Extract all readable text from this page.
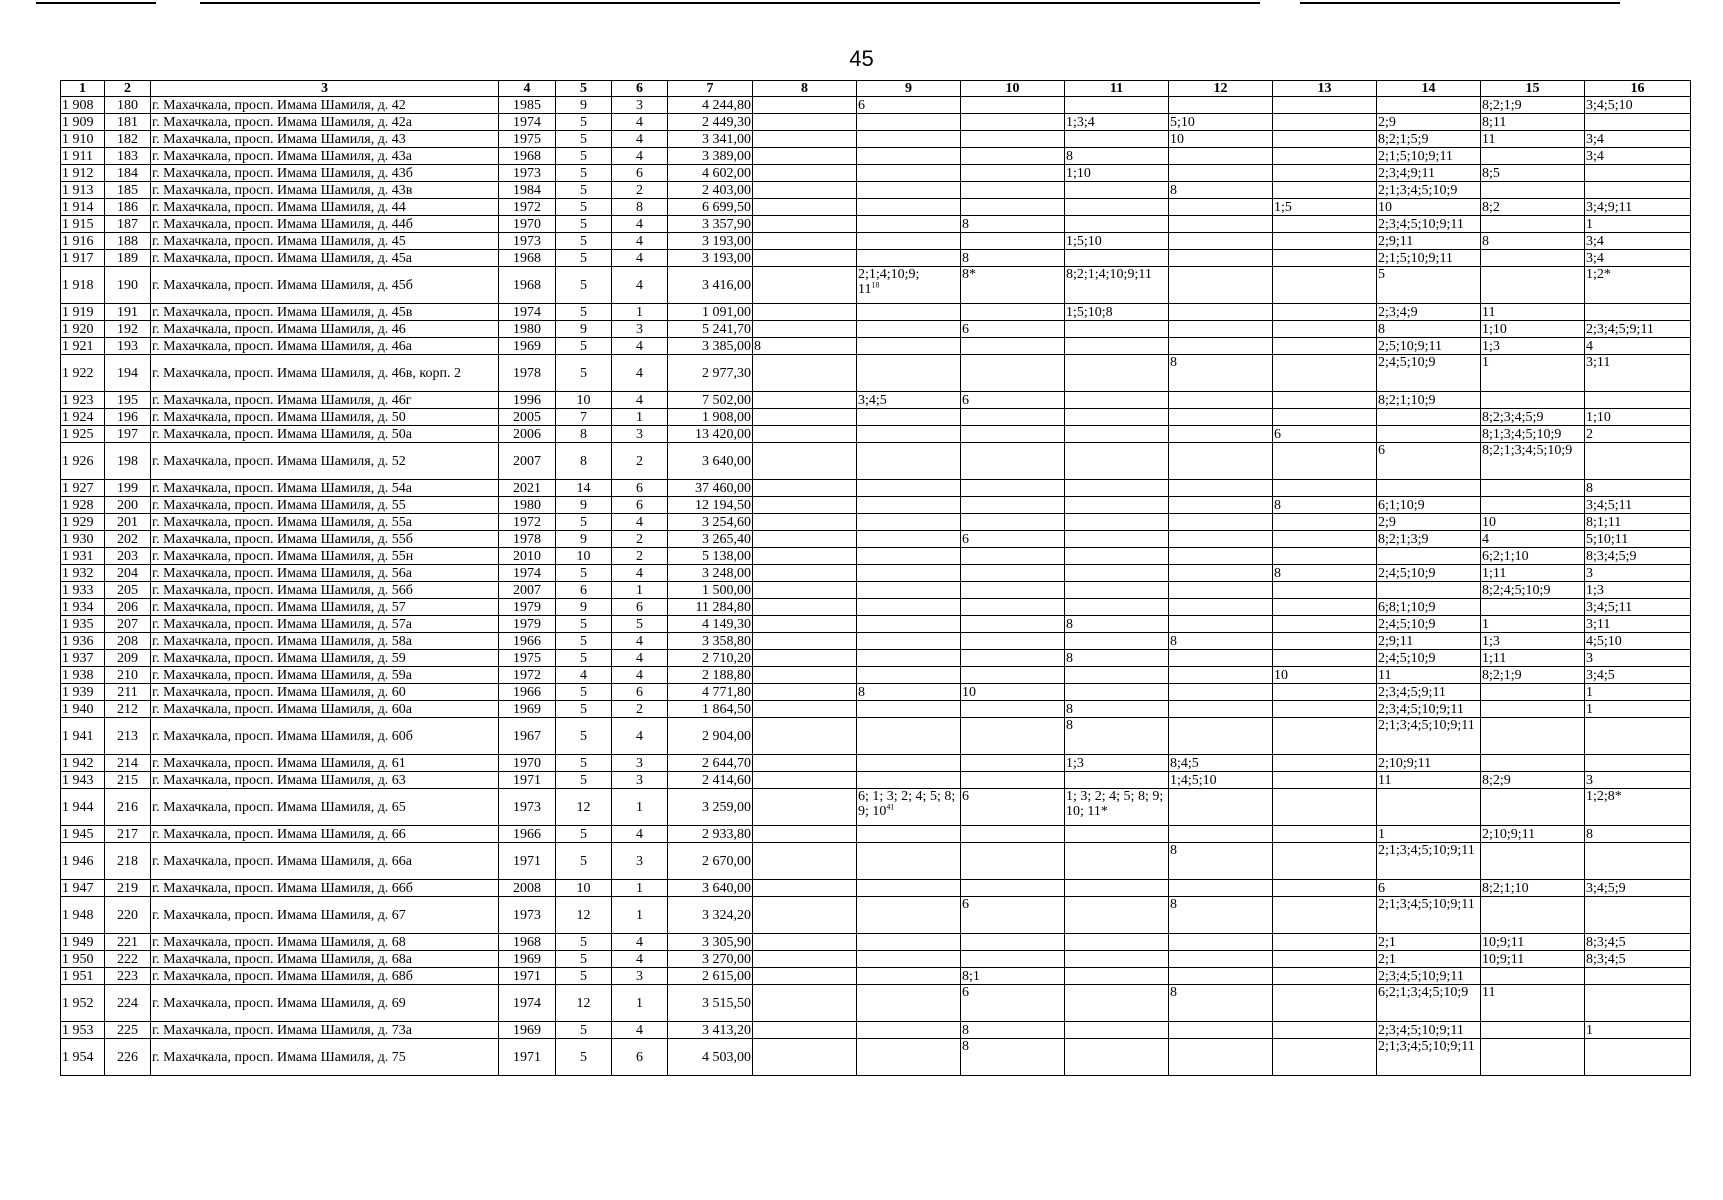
45
1	2	3	4	5	6	7	8	9	10	11	12	13	14	15	16
1 908	180	г. Махачкала, просп. Имама Шамиля, д. 42	1985	9	3	4 244,80		6						8;2;1;9	3;4;5;10
1 909	181	г. Махачкала, просп. Имама Шамиля, д. 42а	1974	5	4	2 449,30				1;3;4	5;10		2;9	8;11	
1 910	182	г. Махачкала, просп. Имама Шамиля, д. 43	1975	5	4	3 341,00					10		8;2;1;5;9	11	3;4
1 911	183	г. Махачкала, просп. Имама Шамиля, д. 43а	1968	5	4	3 389,00				8			2;1;5;10;9;11		3;4
1 912	184	г. Махачкала, просп. Имама Шамиля, д. 43б	1973	5	6	4 602,00				1;10			2;3;4;9;11	8;5	
1 913	185	г. Махачкала, просп. Имама Шамиля, д. 43в	1984	5	2	2 403,00					8		2;1;3;4;5;10;9		
1 914	186	г. Махачкала, просп. Имама Шамиля, д. 44	1972	5	8	6 699,50						1;5	10	8;2	3;4;9;11
1 915	187	г. Махачкала, просп. Имама Шамиля, д. 44б	1970	5	4	3 357,90			8				2;3;4;5;10;9;11		1
1 916	188	г. Махачкала, просп. Имама Шамиля, д. 45	1973	5	4	3 193,00				1;5;10			2;9;11	8	3;4
1 917	189	г. Махачкала, просп. Имама Шамиля, д. 45а	1968	5	4	3 193,00			8				2;1;5;10;9;11		3;4
1 918	190	г. Махачкала, просп. Имама Шамиля, д. 45б	1968	5	4	3 416,00		2;1;4;10;9;
$11^{18}$	8*	8;2;1;4;10;9;11			5		1;2*
1 919	191	г. Махачкала, просп. Имама Шамиля, д. 45в	1974	5	1	1 091,00				1;5;10;8			2;3;4;9	11	
1 920	192	г. Махачкала, просп. Имама Шамиля, д. 46	1980	9	3	5 241,70			6				8	1;10	2;3;4;5;9;11
1 921	193	г. Махачкала, просп. Имама Шамиля, д. 46а	1969	5	4	3 385,00	8						2;5;10;9;11	1;3	4
1 922	194	г. Махачкала, просп. Имама Шамиля, д. 46в, корп. 2	1978	5	4	2 977,30					8		2;4;5;10;9	1	3;11
1 923	195	г. Махачкала, просп. Имама Шамиля, д. 46г	1996	10	4	7 502,00		3;4;5	6				8;2;1;10;9		
1 924	196	г. Махачкала, просп. Имама Шамиля, д. 50	2005	7	1	1 908,00								8;2;3;4;5;9	1;10
1 925	197	г. Махачкала, просп. Имама Шамиля, д. 50а	2006	8	3	13 420,00						6		8;1;3;4;5;10;9	2
1 926	198	г. Махачкала, просп. Имама Шамиля, д. 52	2007	8	2	3 640,00							6	8;2;1;3;4;5;10;9	
1 927	199	г. Махачкала, просп. Имама Шамиля, д. 54а	2021	14	6	37 460,00									8
1 928	200	г. Махачкала, просп. Имама Шамиля, д. 55	1980	9	6	12 194,50						8	6;1;10;9		3;4;5;11
1 929	201	г. Махачкала, просп. Имама Шамиля, д. 55а	1972	5	4	3 254,60							2;9	10	8;1;11
1 930	202	г. Махачкала, просп. Имама Шамиля, д. 55б	1978	9	2	3 265,40			6				8;2;1;3;9	4	5;10;11
1 931	203	г. Махачкала, просп. Имама Шамиля, д. 55н	2010	10	2	5 138,00								6;2;1;10	8;3;4;5;9
1 932	204	г. Махачкала, просп. Имама Шамиля, д. 56а	1974	5	4	3 248,00						8	2;4;5;10;9	1;11	3
1 933	205	г. Махачкала, просп. Имама Шамиля, д. 56б	2007	6	1	1 500,00								8;2;4;5;10;9	1;3
1 934	206	г. Махачкала, просп. Имама Шамиля, д. 57	1979	9	6	11 284,80							6;8;1;10;9		3;4;5;11
1 935	207	г. Махачкала, просп. Имама Шамиля, д. 57а	1979	5	5	4 149,30				8			2;4;5;10;9	1	3;11
1 936	208	г. Махачкала, просп. Имама Шамиля, д. 58а	1966	5	4	3 358,80					8		2;9;11	1;3	4;5;10
1 937	209	г. Махачкала, просп. Имама Шамиля, д. 59	1975	5	4	2 710,20				8			2;4;5;10;9	1;11	3
1 938	210	г. Махачкала, просп. Имама Шамиля, д. 59а	1972	4	4	2 188,80						10	11	8;2;1;9	3;4;5
1 939	211	г. Махачкала, просп. Имама Шамиля, д. 60	1966	5	6	4 771,80		8	10				2;3;4;5;9;11		1
1 940	212	г. Махачкала, просп. Имама Шамиля, д. 60а	1969	5	2	1 864,50				8			2;3;4;5;10;9;11		1
1 941	213	г. Махачкала, просп. Имама Шамиля, д. 60б	1967	5	4	2 904,00				8			2;1;3;4;5;10;9;11		
1 942	214	г. Махачкала, просп. Имама Шамиля, д. 61	1970	5	3	2 644,70				1;3	8;4;5		2;10;9;11		
1 943	215	г. Махачкала, просп. Имама Шамиля, д. 63	1971	5	3	2 414,60					1;4;5;10		11	8;2;9	3
1 944	216	г. Махачкала, просп. Имама Шамиля, д. 65	1973	12	1	3 259,00		6; 1; 3; 2; 4; 5; 8; 9; $10^{41}$	6	1; 3; 2; 4; 5; 8; 9; 10; 11*					1;2;8*
1 945	217	г. Махачкала, просп. Имама Шамиля, д. 66	1966	5	4	2 933,80							1	2;10;9;11	8
1 946	218	г. Махачкала, просп. Имама Шамиля, д. 66а	1971	5	3	2 670,00					8		2;1;3;4;5;10;9;11		
1 947	219	г. Махачкала, просп. Имама Шамиля, д. 66б	2008	10	1	3 640,00							6	8;2;1;10	3;4;5;9
1 948	220	г. Махачкала, просп. Имама Шамиля, д. 67	1973	12	1	3 324,20			6		8		2;1;3;4;5;10;9;11		
1 949	221	г. Махачкала, просп. Имама Шамиля, д. 68	1968	5	4	3 305,90							2;1	10;9;11	8;3;4;5
1 950	222	г. Махачкала, просп. Имама Шамиля, д. 68а	1969	5	4	3 270,00							2;1	10;9;11	8;3;4;5
1 951	223	г. Махачкала, просп. Имама Шамиля, д. 68б	1971	5	3	2 615,00			8;1				2;3;4;5;10;9;11		
1 952	224	г. Махачкала, просп. Имама Шамиля, д. 69	1974	12	1	3 515,50			6		8		6;2;1;3;4;5;10;9	11	
1 953	225	г. Махачкала, просп. Имама Шамиля, д. 73а	1969	5	4	3 413,20			8				2;3;4;5;10;9;11		1
1 954	226	г. Махачкала, просп. Имама Шамиля, д. 75	1971	5	6	4 503,00			8				2;1;3;4;5;10;9;11		
